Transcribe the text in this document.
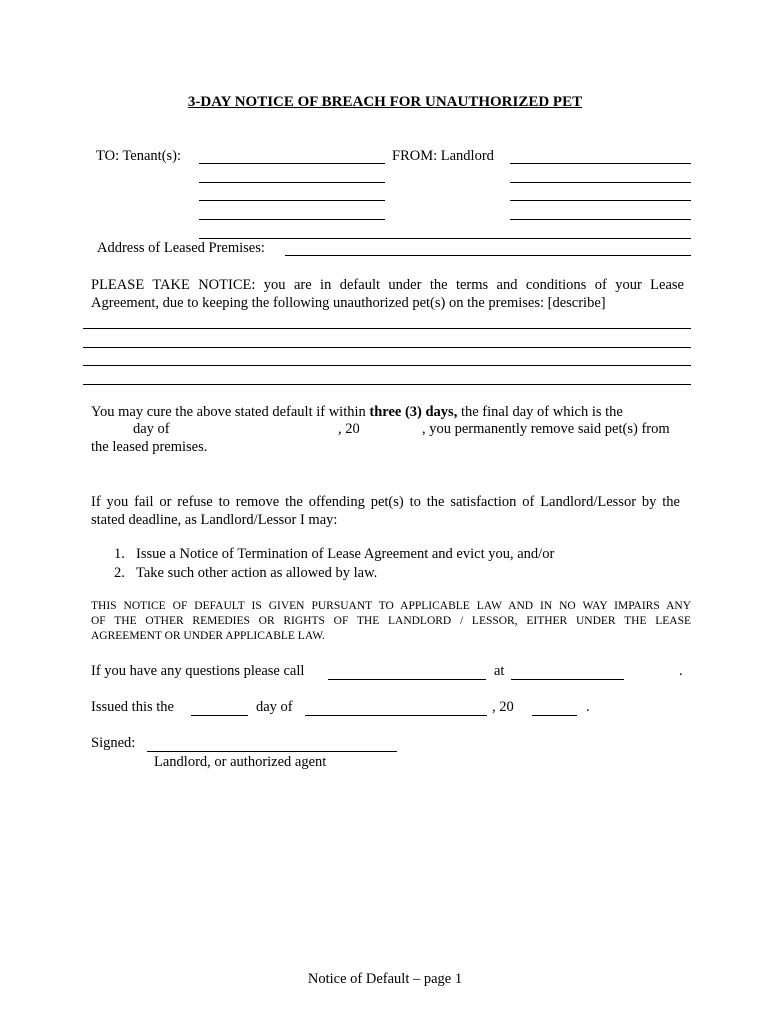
3-DAY NOTICE OF BREACH FOR UNAUTHORIZED PET
TO: Tenant(s):	FROM: Landlord
Address of Leased Premises:
PLEASE TAKE NOTICE: you are in default under the terms and conditions of your Lease
Agreement, due to keeping the following unauthorized pet(s) on the premises: [describe]
You may cure the above stated default if within three (3) days, the final day of which is the
day of	, 20	, you permanently remove said pet(s) from
the leased premises.
If you fail or refuse to remove the offending pet(s) to the satisfaction of Landlord/Lessor by the
stated deadline, as Landlord/Lessor I may:
1. Issue a Notice of Termination of Lease Agreement and evict you, and/or
2. Take such other action as allowed by law.
THIS NOTICE OF DEFAULT IS GIVEN PURSUANT TO APPLICABLE LAW AND IN NO WAY IMPAIRS ANY
OF THE OTHER REMEDIES OR RIGHTS OF THE LANDLORD / LESSOR, EITHER UNDER THE LEASE
AGREEMENT OR UNDER APPLICABLE LAW.
If you have any questions please call	at	.
Issued this the	day of	, 20	.
Signed:
Landlord, or authorized agent
Notice of Default – page 1
